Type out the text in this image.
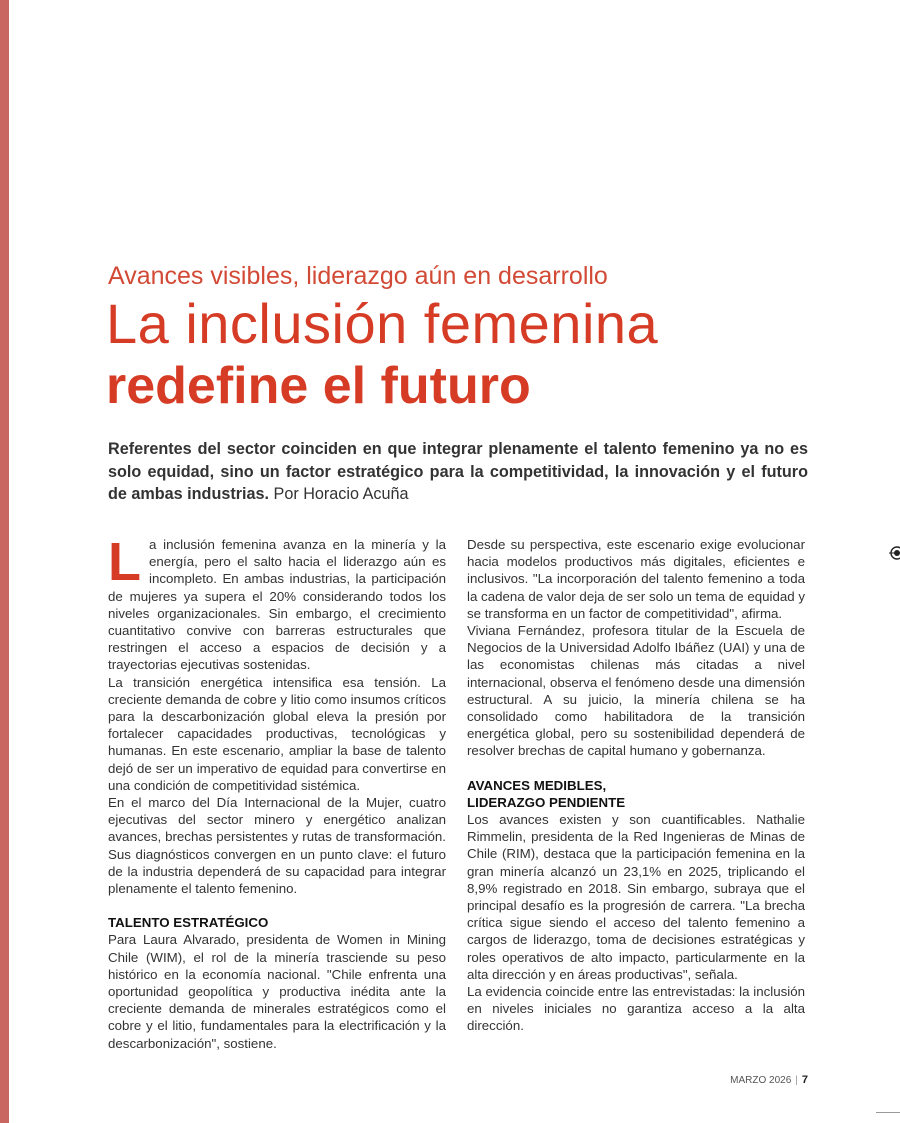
Avances visibles, liderazgo aún en desarrollo
La inclusión femenina
redefine el futuro

Referentes del sector coinciden en que integrar plenamente el talento femenino ya no es solo equidad, sino un factor estratégico para la competitividad, la innovación y el futuro de ambas industrias. Por Horacio Acuña

La inclusión femenina avanza en la minería y la energía, pero el salto hacia el liderazgo aún es incompleto. En ambas industrias, la participación de mujeres ya supera el 20% considerando todos los niveles organizacionales. Sin embargo, el crecimiento cuantitativo convive con barreras estructurales que restringen el acceso a espacios de decisión y a trayectorias ejecutivas sostenidas.

La transición energética intensifica esa tensión. La creciente demanda de cobre y litio como insumos críticos para la descarbonización global eleva la presión por fortalecer capacidades productivas, tecnológicas y humanas. En este escenario, ampliar la base de talento dejó de ser un imperativo de equidad para convertirse en una condición de competitividad sistémica.

En el marco del Día Internacional de la Mujer, cuatro ejecutivas del sector minero y energético analizan avances, brechas persistentes y rutas de transformación. Sus diagnósticos convergen en un punto clave: el futuro de la industria dependerá de su capacidad para integrar plenamente el talento femenino.

TALENTO ESTRATÉGICO

Para Laura Alvarado, presidenta de Women in Mining Chile (WIM), el rol de la minería trasciende su peso histórico en la economía nacional. "Chile enfrenta una oportunidad geopolítica y productiva inédita ante la creciente demanda de minerales estratégicos como el cobre y el litio, fundamentales para la electrificación y la descarbonización", sostiene.

Desde su perspectiva, este escenario exige evolucionar hacia modelos productivos más digitales, eficientes e inclusivos. "La incorporación del talento femenino a toda la cadena de valor deja de ser solo un tema de equidad y se transforma en un factor de competitividad", afirma.

Viviana Fernández, profesora titular de la Escuela de Negocios de la Universidad Adolfo Ibáñez (UAI) y una de las economistas chilenas más citadas a nivel internacional, observa el fenómeno desde una dimensión estructural. A su juicio, la minería chilena se ha consolidado como habilitadora de la transición energética global, pero su sostenibilidad dependerá de resolver brechas de capital humano y gobernanza.

AVANCES MEDIBLES,
LIDERAZGO PENDIENTE

Los avances existen y son cuantificables. Nathalie Rimmelin, presidenta de la Red Ingenieras de Minas de Chile (RIM), destaca que la participación femenina en la gran minería alcanzó un 23,1% en 2025, triplicando el 8,9% registrado en 2018. Sin embargo, subraya que el principal desafío es la progresión de carrera. "La brecha crítica sigue siendo el acceso del talento femenino a cargos de liderazgo, toma de decisiones estratégicas y roles operativos de alto impacto, particularmente en la alta dirección y en áreas productivas", señala.

La evidencia coincide entre las entrevistadas: la inclusión en niveles iniciales no garantiza acceso a la alta dirección.

MARZO 2026 | 7
